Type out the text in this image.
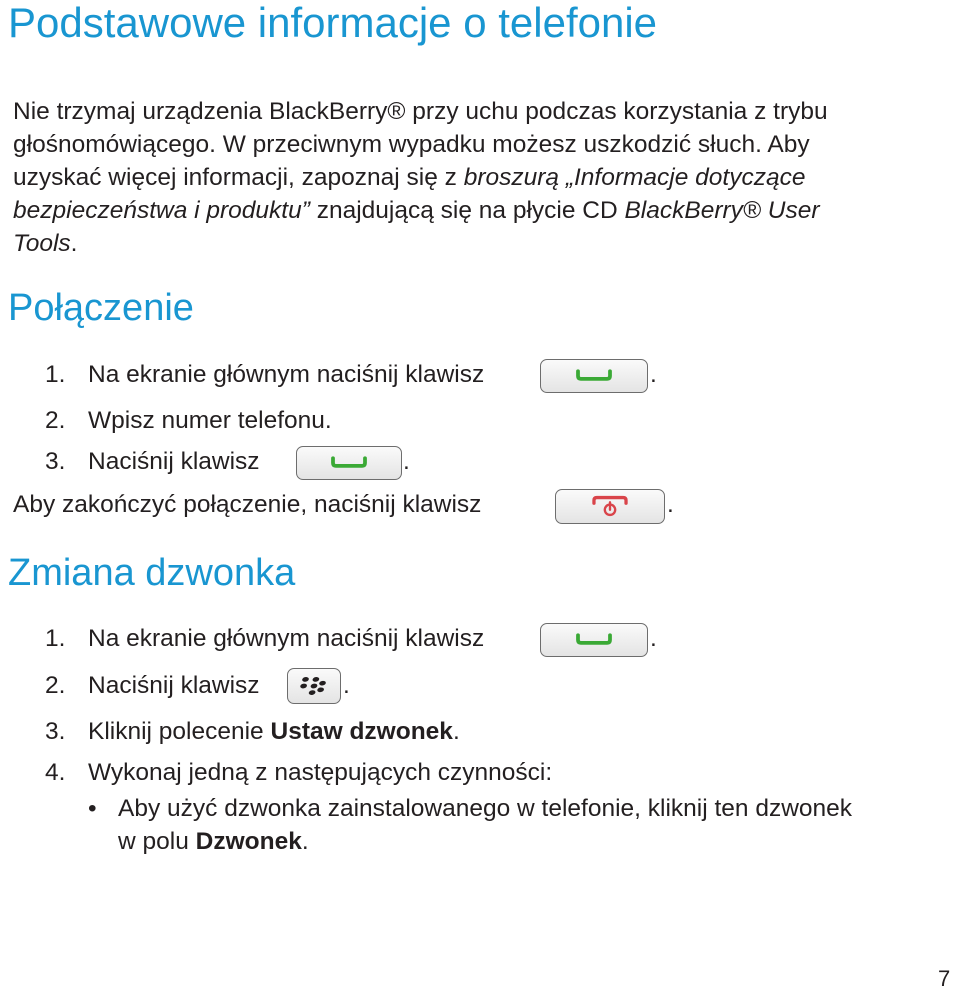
Podstawowe informacje o telefonie
Nie trzymaj urządzenia BlackBerry® przy uchu podczas korzystania z trybu
głośnomówiącego. W przeciwnym wypadku możesz uszkodzić słuch. Aby
uzyskać więcej informacji, zapoznaj się z broszurą „Informacje dotyczące
bezpieczeństwa i produktu” znajdującą się na płycie CD BlackBerry® User
Tools.
Połączenie
1. Na ekranie głównym naciśnij klawisz	.
2. Wpisz numer telefonu.
3. Naciśnij klawisz	.
Aby zakończyć połączenie, naciśnij klawisz	.
Zmiana dzwonka
1. Na ekranie głównym naciśnij klawisz	.
2. Naciśnij klawisz	.
3. Kliknij polecenie Ustaw dzwonek.
4. Wykonaj jedną z następujących czynności:
• Aby użyć dzwonka zainstalowanego w telefonie, kliknij ten dzwonek
w polu Dzwonek.
7
